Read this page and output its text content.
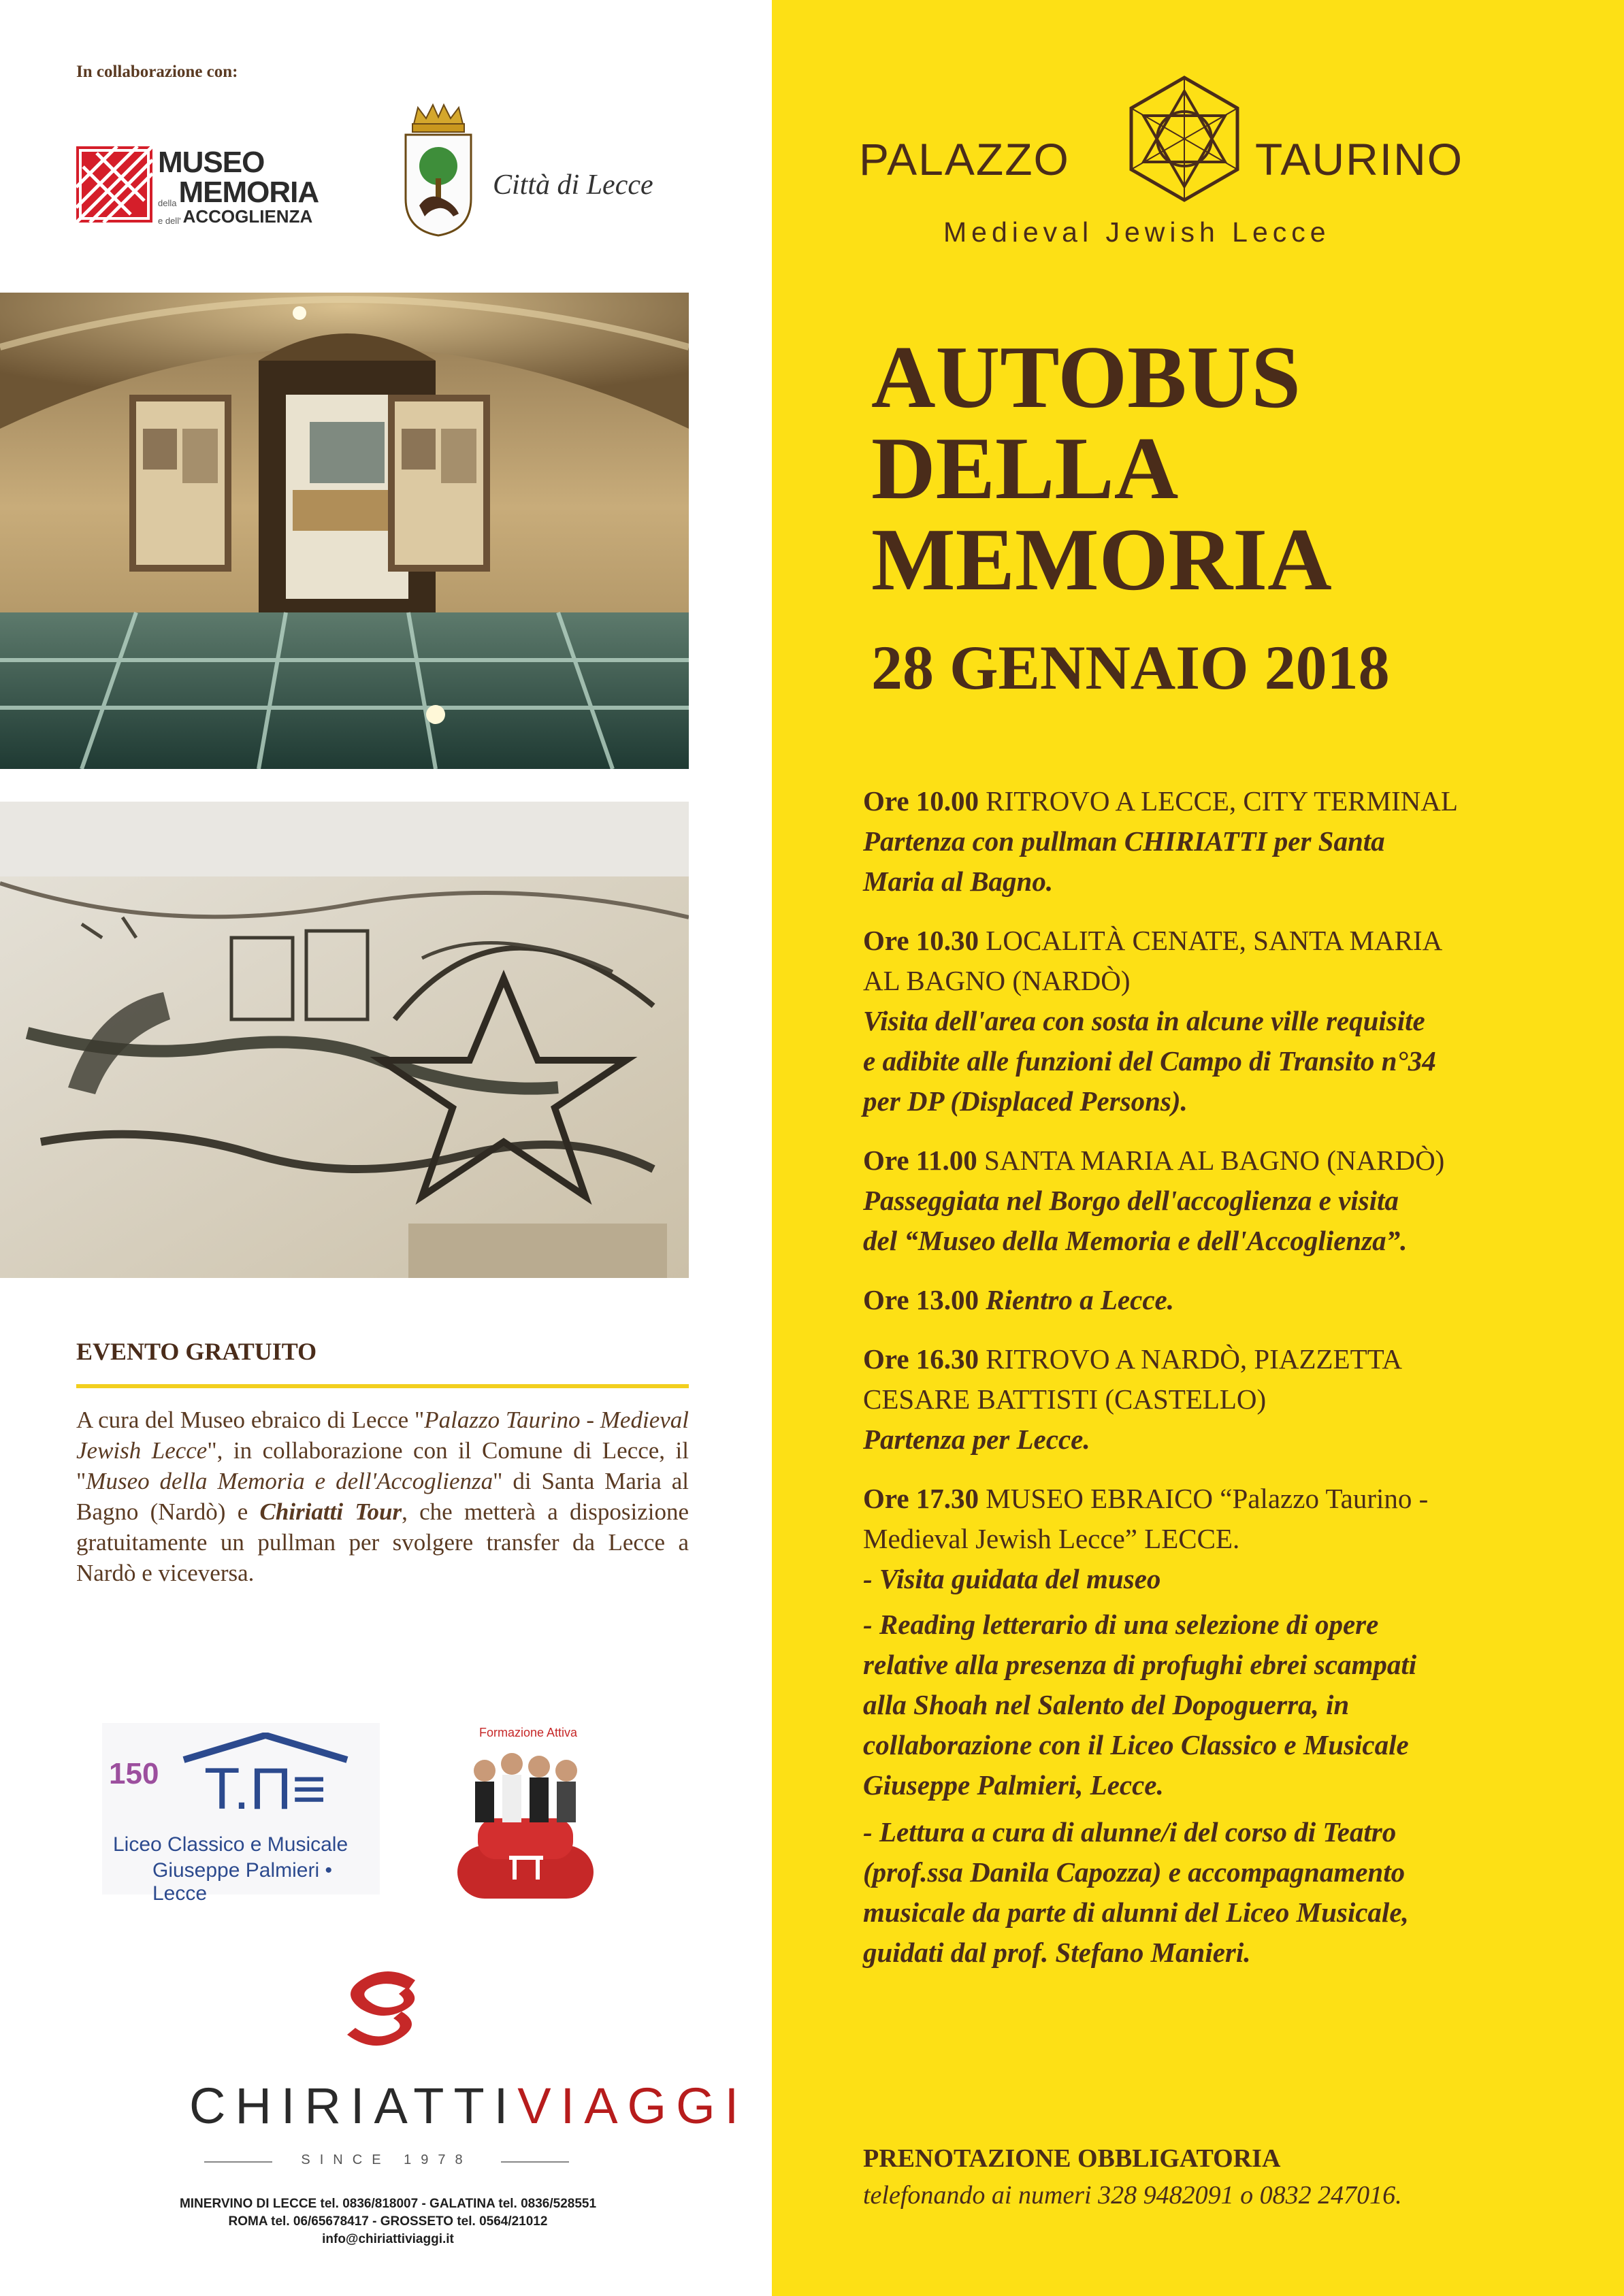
In collaborazione con:
MUSEO
della MEMORIA
e dell' ACCOGLIENZA
Città di Lecce
EVENTO GRATUITO
A cura del Museo ebraico di Lecce "Palazzo Taurino - Medieval Jewish Lecce", in collaborazione con il Comune di Lecce, il "Museo della Memoria e dell'Accoglienza" di Santa Maria al Bagno (Nardò) e Chiriatti Tour, che metterà a disposizione gratuitamente un pullman per svolgere transfer da Lecce a Nardò e viceversa.
150 T.Π≡
Liceo Classico e Musicale
Giuseppe Palmieri • Lecce
Formazione Attiva
CHIRIATTIVIAGGI
SINCE 1978
MINERVINO DI LECCE tel. 0836/818007 - GALATINA tel. 0836/528551
ROMA tel. 06/65678417 - GROSSETO tel. 0564/21012
info@chiriattiviaggi.it
PALAZZO	TAURINO
Medieval Jewish Lecce
AUTOBUS
DELLA
MEMORIA
28 GENNAIO 2018

Ore 10.00 RITROVO A LECCE, CITY TERMINAL
Partenza con pullman CHIRIATTI per Santa
Maria al Bagno.

Ore 10.30 LOCALITÀ CENATE, SANTA MARIA
AL BAGNO (NARDÒ)
Visita dell'area con sosta in alcune ville requisite
e adibite alle funzioni del Campo di Transito n°34
per DP (Displaced Persons).

Ore 11.00 SANTA MARIA AL BAGNO (NARDÒ)
Passeggiata nel Borgo dell'accoglienza e visita
del “Museo della Memoria e dell'Accoglienza”.

Ore 13.00 Rientro a Lecce.

Ore 16.30 RITROVO A NARDÒ, PIAZZETTA
CESARE BATTISTI (CASTELLO)
Partenza per Lecce.

Ore 17.30 MUSEO EBRAICO “Palazzo Taurino -
Medieval Jewish Lecce” LECCE.
- Visita guidata del museo

- Reading letterario di una selezione di opere
relative alla presenza di profughi ebrei scampati
alla Shoah nel Salento del Dopoguerra, in
collaborazione con il Liceo Classico e Musicale
Giuseppe Palmieri, Lecce.

- Lettura a cura di alunne/i del corso di Teatro
(prof.ssa Danila Capozza) e accompagnamento
musicale da parte di alunni del Liceo Musicale,
guidati dal prof. Stefano Manieri.

PRENOTAZIONE OBBLIGATORIA
telefonando ai numeri 328 9482091 o 0832 247016.
